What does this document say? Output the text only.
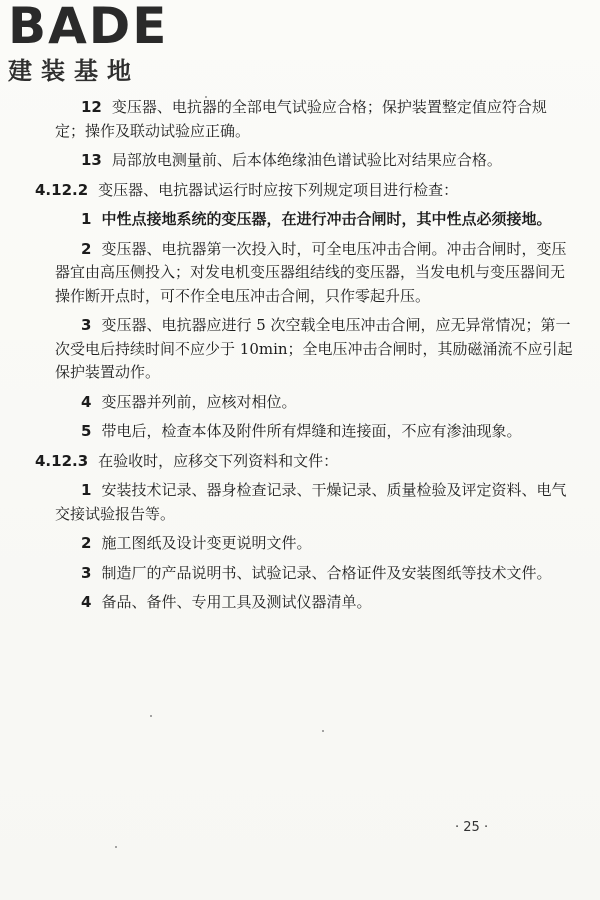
BADE
建装基地

12 变压器、电抗器的全部电气试验应合格；保护装置整定值应符合规定；操作及联动试验应正确。

13 局部放电测量前、后本体绝缘油色谱试验比对结果应合格。

4.12.2 变压器、电抗器试运行时应按下列规定项目进行检查：

1 中性点接地系统的变压器，在进行冲击合闸时，其中性点必须接地。

2 变压器、电抗器第一次投入时，可全电压冲击合闸。冲击合闸时，变压器宜由高压侧投入；对发电机变压器组结线的变压器，当发电机与变压器间无操作断开点时，可不作全电压冲击合闸，只作零起升压。

3 变压器、电抗器应进行 5 次空载全电压冲击合闸，应无异常情况；第一次受电后持续时间不应少于 10min；全电压冲击合闸时，其励磁涌流不应引起保护装置动作。

4 变压器并列前，应核对相位。

5 带电后，检查本体及附件所有焊缝和连接面，不应有渗油现象。

4.12.3 在验收时，应移交下列资料和文件：

1 安装技术记录、器身检查记录、干燥记录、质量检验及评定资料、电气交接试验报告等。

2 施工图纸及设计变更说明文件。

3 制造厂的产品说明书、试验记录、合格证件及安装图纸等技术文件。

4 备品、备件、专用工具及测试仪器清单。

· 25 ·
